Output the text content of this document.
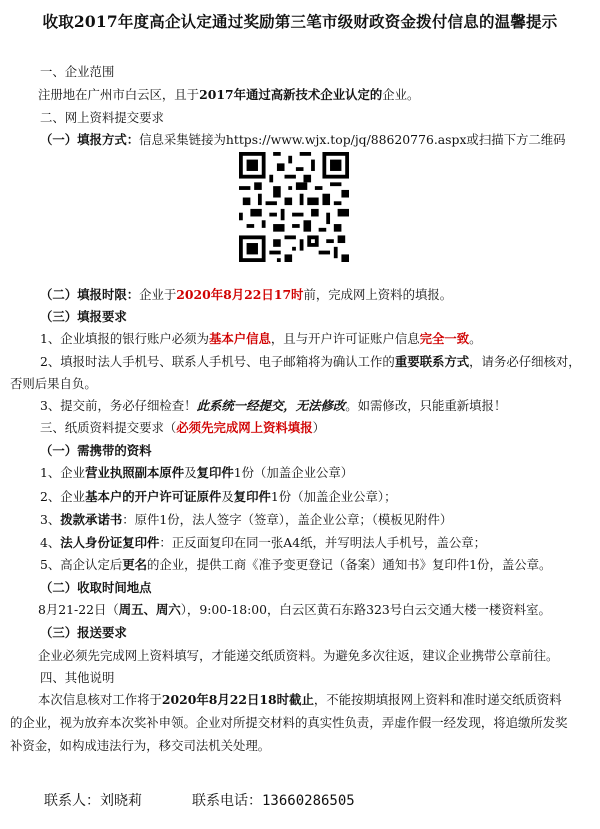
收取2017年度高企认定通过奖励第三笔市级财政资金拨付信息的温馨提示
一、企业范围
注册地在广州市白云区，且于2017年通过高新技术企业认定的企业。
二、网上资料提交要求
（一）填报方式：信息采集链接为https://www.wjx.top/jq/88620776.aspx或扫描下方二维码
（二）填报时限：企业于2020年8月22日17时前，完成网上资料的填报。
（三）填报要求
1、企业填报的银行账户必须为基本户信息，且与开户许可证账户信息完全一致。
2、填报时法人手机号、联系人手机号、电子邮箱将为确认工作的重要联系方式，请务必仔细核对，
否则后果自负。
3、提交前，务必仔细检查！此系统一经提交，无法修改。如需修改，只能重新填报！
三、纸质资料提交要求（必须先完成网上资料填报）
（一）需携带的资料
1、企业营业执照副本原件及复印件1份（加盖企业公章）
2、企业基本户的开户许可证原件及复印件1份（加盖企业公章）；
3、拨款承诺书：原件1份，法人签字（签章），盖企业公章；（模板见附件）
4、法人身份证复印件：正反面复印在同一张A4纸，并写明法人手机号，盖公章；
5、高企认定后更名的企业，提供工商《准予变更登记（备案）通知书》复印件1份，盖公章。
（二）收取时间地点
8月21-22日（周五、周六），9:00-18:00，白云区黄石东路323号白云交通大楼一楼资料室。
（三）报送要求
企业必须先完成网上资料填写，才能递交纸质资料。为避免多次往返，建议企业携带公章前往。
四、其他说明
本次信息核对工作将于2020年8月22日18时截止，不能按期填报网上资料和准时递交纸质资料
的企业，视为放弃本次奖补申领。企业对所提交材料的真实性负责，弄虚作假一经发现，将追缴所发奖
补资金，如构成违法行为，移交司法机关处理。
联系人：刘晓莉	联系电话：13660286505
